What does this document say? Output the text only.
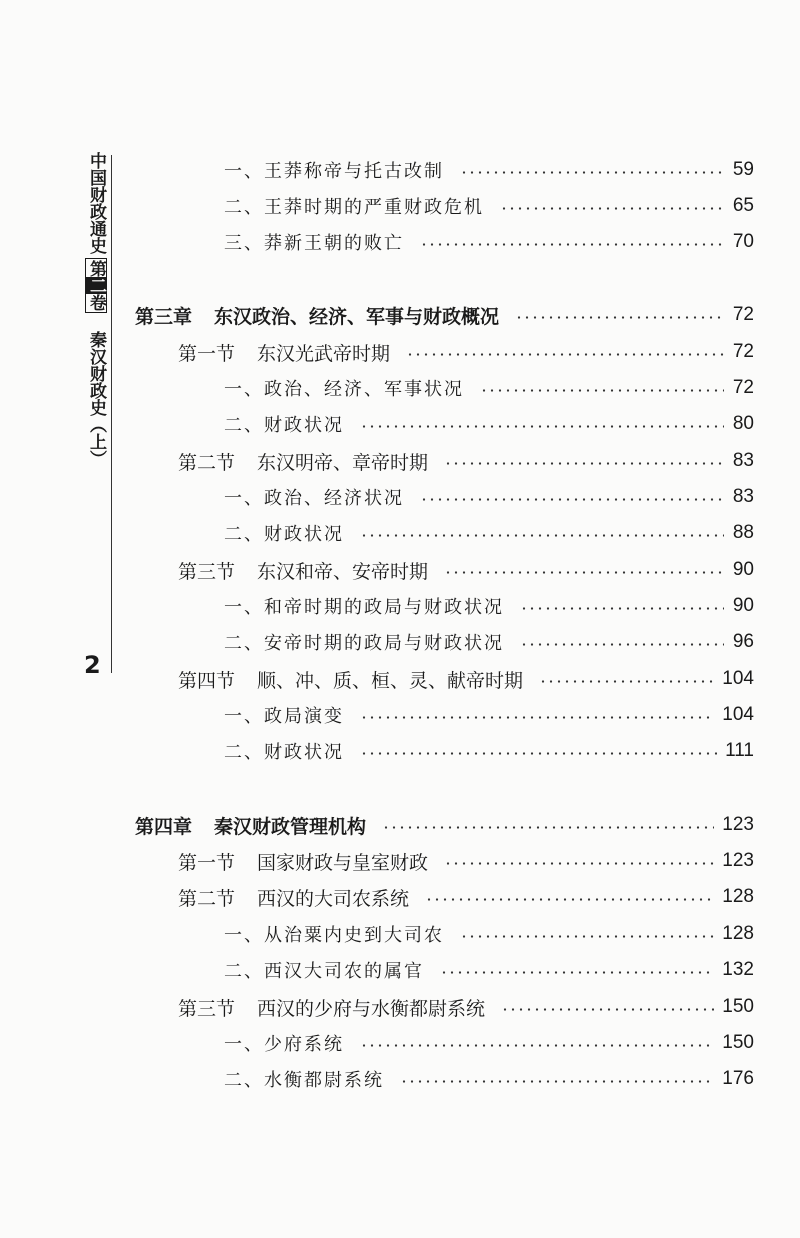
中国财政通史
第二卷
秦汉财政史（上）
2
一、王莽称帝与托古改制	59
二、王莽时期的严重财政危机	65
三、莽新王朝的败亡	70
第三章 东汉政治、经济、军事与财政概况	72
第一节 东汉光武帝时期	72
一、政治、经济、军事状况	72
二、财政状况	80
第二节 东汉明帝、章帝时期	83
一、政治、经济状况	83
二、财政状况	88
第三节 东汉和帝、安帝时期	90
一、和帝时期的政局与财政状况	90
二、安帝时期的政局与财政状况	96
第四节 顺、冲、质、桓、灵、献帝时期	104
一、政局演变	104
二、财政状况	111
第四章 秦汉财政管理机构	123
第一节 国家财政与皇室财政	123
第二节 西汉的大司农系统	128
一、从治粟内史到大司农	128
二、西汉大司农的属官	132
第三节 西汉的少府与水衡都尉系统	150
一、少府系统	150
二、水衡都尉系统	176
